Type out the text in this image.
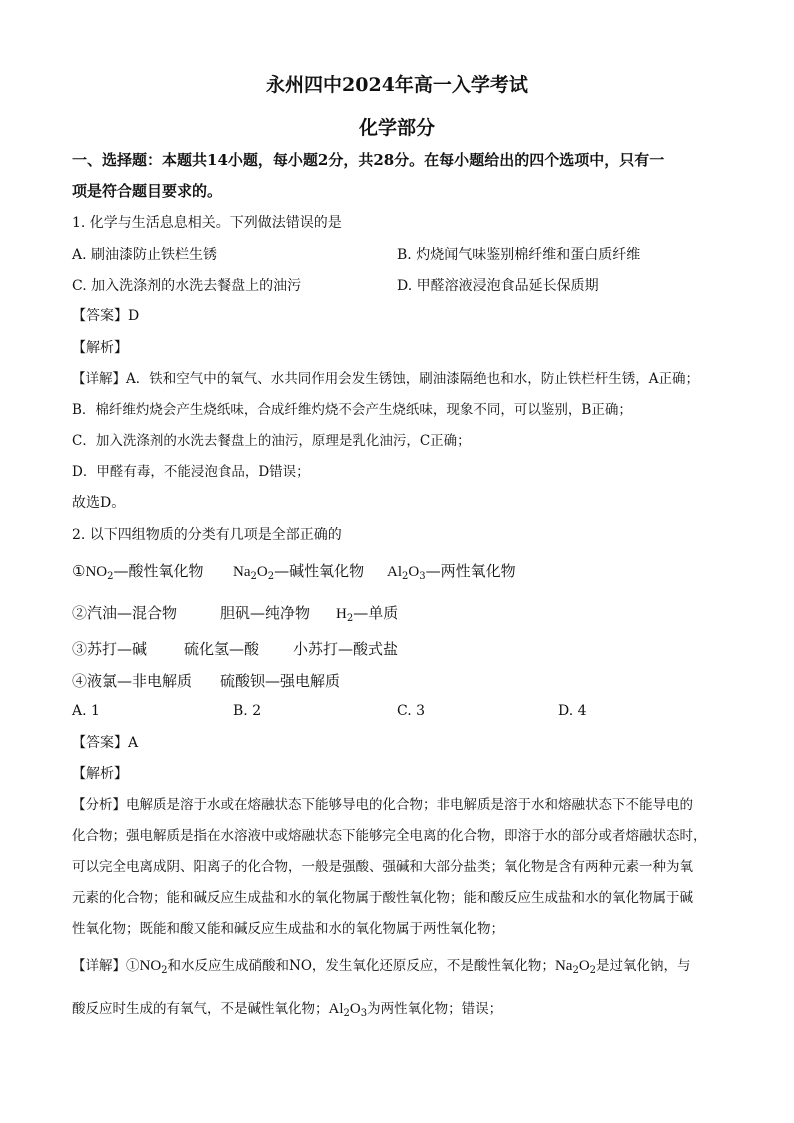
永州四中2024年高一入学考试
化学部分
一、选择题：本题共14小题，每小题2分，共28分。在每小题给出的四个选项中，只有一
项是符合题目要求的。
1. 化学与生活息息相关。下列做法错误的是
A. 刷油漆防止铁栏生锈	B. 灼烧闻气味鉴别棉纤维和蛋白质纤维
C. 加入洗涤剂的水洗去餐盘上的油污	D. 甲醛溶液浸泡食品延长保质期
【答案】D
【解析】
【详解】A．铁和空气中的氧气、水共同作用会发生锈蚀，刷油漆隔绝也和水，防止铁栏杆生锈，A正确；
B．棉纤维灼烧会产生烧纸味，合成纤维灼烧不会产生烧纸味，现象不同，可以鉴别，B正确；
C．加入洗涤剂的水洗去餐盘上的油污，原理是乳化油污，C正确；
D．甲醛有毒，不能浸泡食品，D错误；
故选D。
2. 以下四组物质的分类有几项是全部正确的
$①NO_2—$酸性氧化物 $Na_2O_2—$碱性氧化物 $Al_2O_3—$两性氧化物
②汽油—混合物	胆矾—纯净物 $H_2—$单质
③苏打—碱 硫化氢—酸 小苏打—酸式盐
④液氯—非电解质 硫酸钡—强电解质
A. 1	B. 2	C. 3	D. 4
【答案】A
【解析】
【分析】电解质是溶于水或在熔融状态下能够导电的化合物；非电解质是溶于水和熔融状态下不能导电的
化合物；强电解质是指在水溶液中或熔融状态下能够完全电离的化合物，即溶于水的部分或者熔融状态时，
可以完全电离成阴、阳离子的化合物，一般是强酸、强碱和大部分盐类；氧化物是含有两种元素一种为氧
元素的化合物；能和碱反应生成盐和水的氧化物属于酸性氧化物；能和酸反应生成盐和水的氧化物属于碱
性氧化物；既能和酸又能和碱反应生成盐和水的氧化物属于两性氧化物；
【详解】$①NO_2$和水反应生成硝酸和NO，发生氧化还原反应，不是酸性氧化物；$Na_2O_2$是过氧化钠，与
酸反应时生成的有氧气，不是碱性氧化物；$Al_2O_3$为两性氧化物；错误；
